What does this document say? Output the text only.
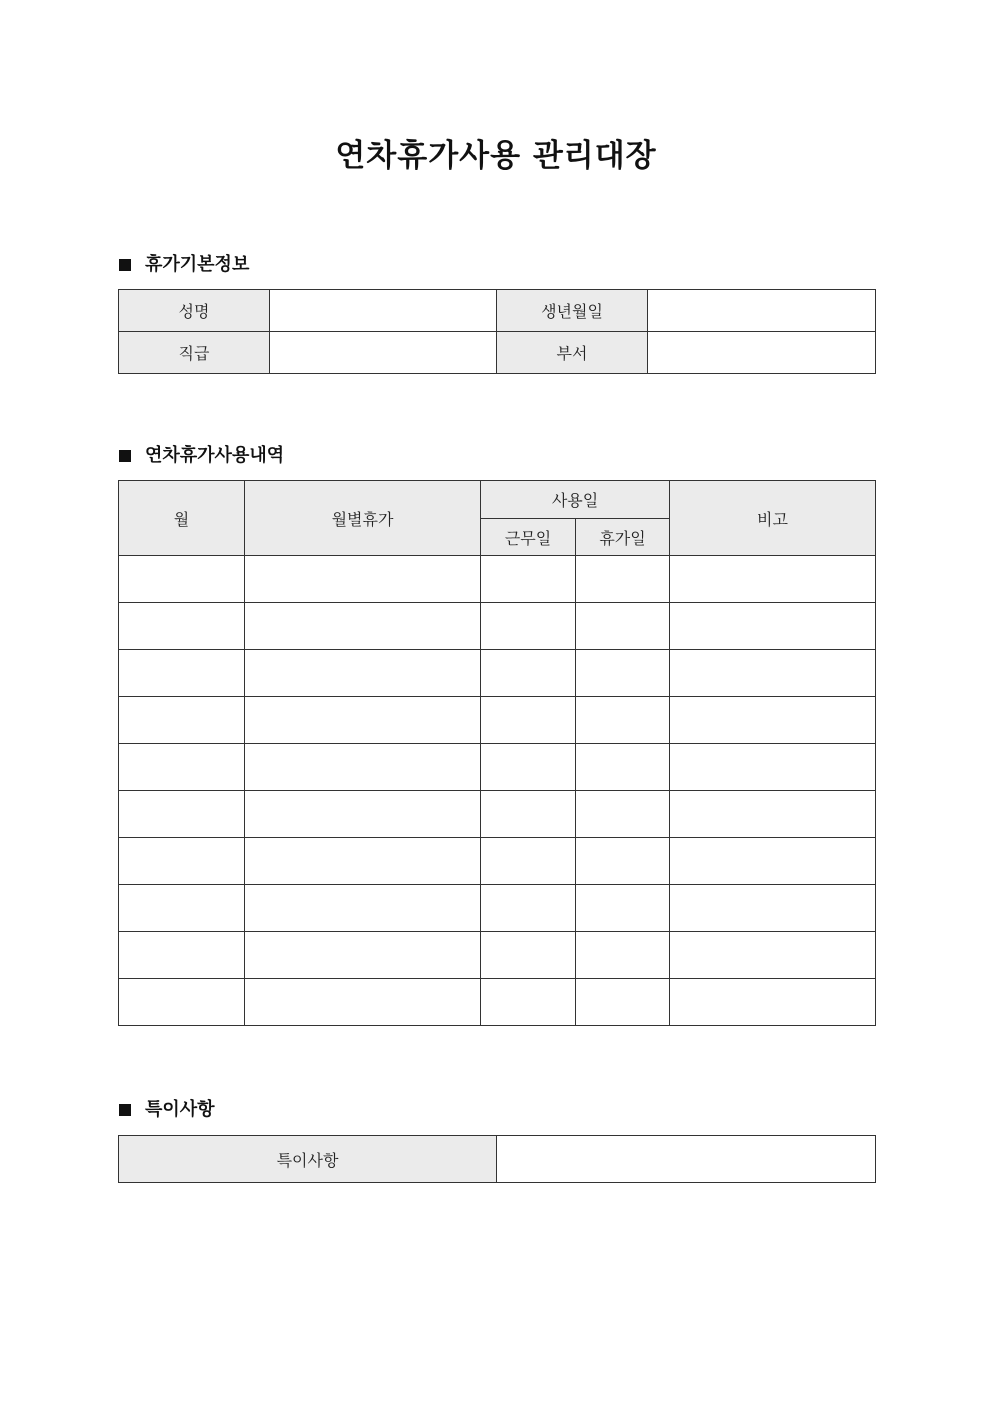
연차휴가사용 관리대장
휴가기본정보
성명		생년월일	
직급		부서	
연차휴가사용내역
월	월별휴가	사용일		비고
		근무일	휴가일	

특이사항
특이사항	
